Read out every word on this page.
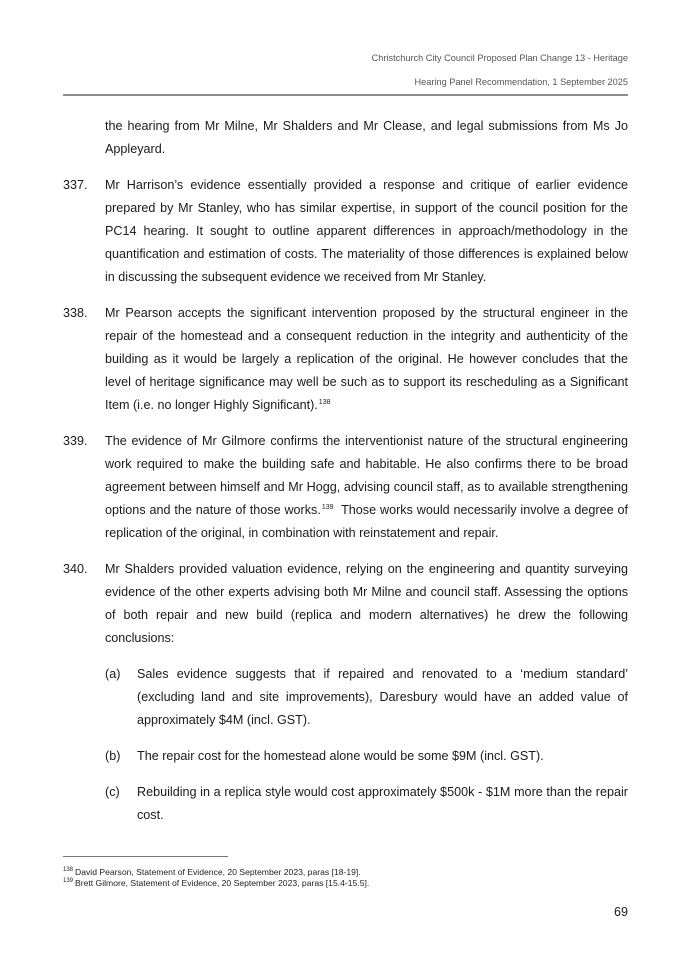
Christchurch City Council Proposed Plan Change 13 - Heritage
Hearing Panel Recommendation, 1 September 2025
the hearing from Mr Milne, Mr Shalders and Mr Clease, and legal submissions from Ms Jo Appleyard.
337.	Mr Harrison’s evidence essentially provided a response and critique of earlier evidence prepared by Mr Stanley, who has similar expertise, in support of the council position for the PC14 hearing. It sought to outline apparent differences in approach/methodology in the quantification and estimation of costs. The materiality of those differences is explained below in discussing the subsequent evidence we received from Mr Stanley.
338.	Mr Pearson accepts the significant intervention proposed by the structural engineer in the repair of the homestead and a consequent reduction in the integrity and authenticity of the building as it would be largely a replication of the original. He however concludes that the level of heritage significance may well be such as to support its rescheduling as a Significant Item (i.e. no longer Highly Significant).$^{138}$
339.	The evidence of Mr Gilmore confirms the interventionist nature of the structural engineering work required to make the building safe and habitable. He also confirms there to be broad agreement between himself and Mr Hogg, advising council staff, as to available strengthening options and the nature of those works.$^{139}$  Those works would necessarily involve a degree of replication of the original, in combination with reinstatement and repair.
340.	Mr Shalders provided valuation evidence, relying on the engineering and quantity surveying evidence of the other experts advising both Mr Milne and council staff. Assessing the options of both repair and new build (replica and modern alternatives) he drew the following conclusions:
(a)	Sales evidence suggests that if repaired and renovated to a ‘medium standard’ (excluding land and site improvements), Daresbury would have an added value of approximately $4M (incl. GST).
(b)	The repair cost for the homestead alone would be some $9M (incl. GST).
(c)	Rebuilding in a replica style would cost approximately $500k - $1M more than the repair cost.
$^{138}$ David Pearson, Statement of Evidence, 20 September 2023, paras [18-19].
$^{139}$ Brett Gilmore, Statement of Evidence, 20 September 2023, paras [15.4-15.5].
69
